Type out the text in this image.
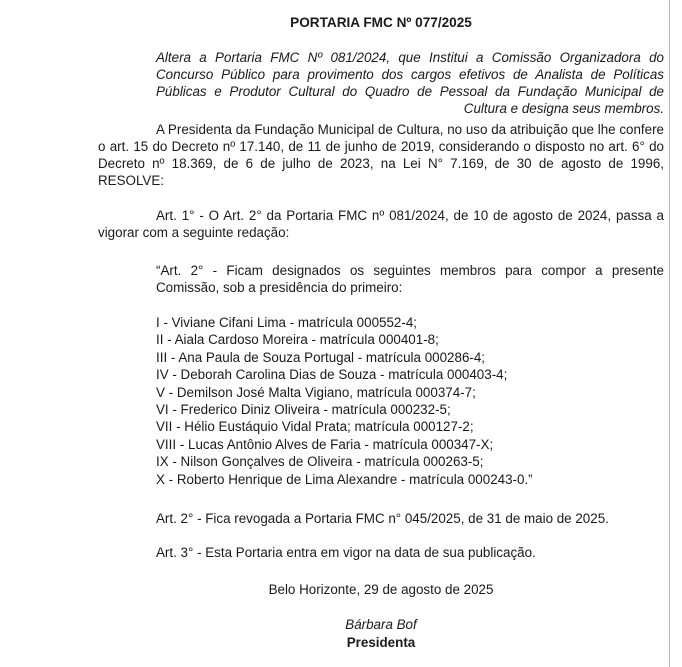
PORTARIA FMC Nº 077/2025
Altera a Portaria FMC Nº 081/2024, que Institui a Comissão Organizadora do Concurso Público para provimento dos cargos efetivos de Analista de Políticas Públicas e Produtor Cultural do Quadro de Pessoal da Fundação Municipal de Cultura e designa seus membros.
A Presidenta da Fundação Municipal de Cultura, no uso da atribuição que lhe confere o art. 15 do Decreto nº 17.140, de 11 de junho de 2019, considerando o disposto no art. 6° do Decreto nº 18.369, de 6 de julho de 2023, na Lei N° 7.169, de 30 de agosto de 1996, RESOLVE:
Art. 1° - O Art. 2° da Portaria FMC nº 081/2024, de 10 de agosto de 2024, passa a vigorar com a seguinte redação:
“Art. 2° - Ficam designados os seguintes membros para compor a presente
Comissão, sob a presidência do primeiro:
I - Viviane Cifani Lima - matrícula 000552-4;
II - Aiala Cardoso Moreira - matrícula 000401-8;
III - Ana Paula de Souza Portugal - matrícula 000286-4;
IV - Deborah Carolina Dias de Souza - matrícula 000403-4;
V - Demilson José Malta Vigiano, matrícula 000374-7;
VI - Frederico Diniz Oliveira - matrícula 000232-5;
VII - Hélio Eustáquio Vidal Prata; matrícula 000127-2;
VIII - Lucas Antônio Alves de Faria - matrícula 000347-X;
IX - Nilson Gonçalves de Oliveira - matrícula 000263-5;
X - Roberto Henrique de Lima Alexandre - matrícula 000243-0.”
Art. 2° - Fica revogada a Portaria FMC n° 045/2025, de 31 de maio de 2025.
Art. 3° - Esta Portaria entra em vigor na data de sua publicação.
Belo Horizonte, 29 de agosto de 2025
Bárbara Bof
Presidenta
